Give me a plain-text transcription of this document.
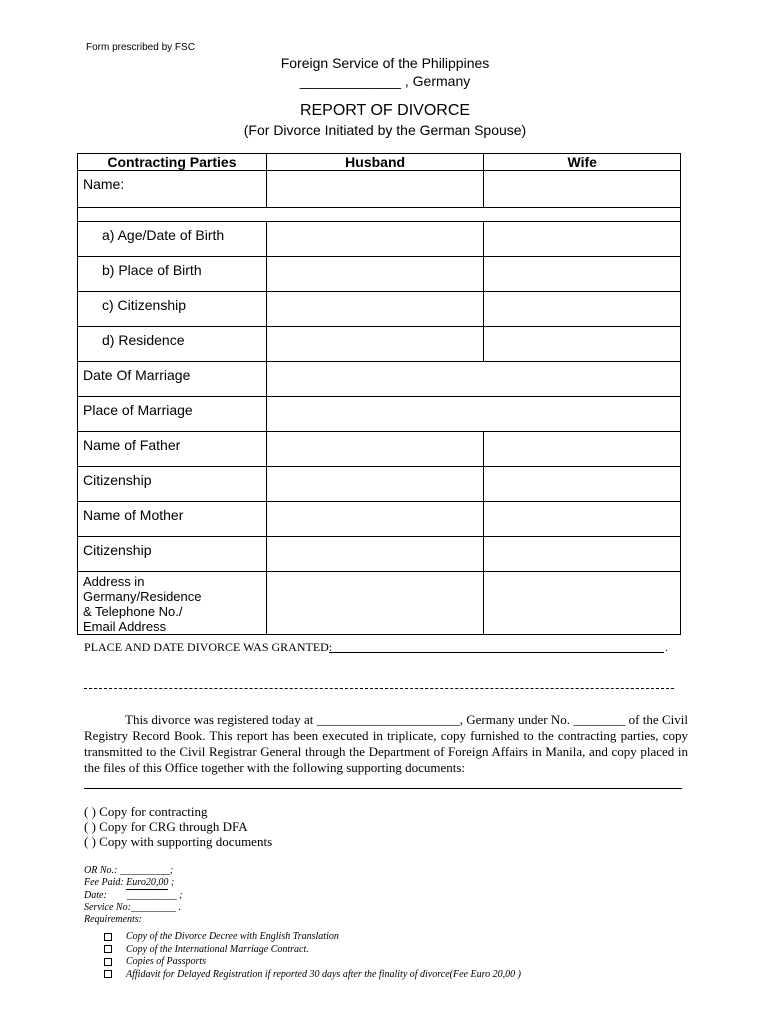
Form prescribed by FSC
Foreign Service of the Philippines
_____________ , Germany
REPORT OF DIVORCE
(For Divorce Initiated by the German Spouse)
Contracting Parties	Husband	Wife
Name:		

a) Age/Date of Birth		
b) Place of Birth		
c) Citizenship		
d) Residence		
Date Of Marriage		
Place of Marriage		
Name of Father		
Citizenship		
Name of Mother		
Citizenship		

Address in
Germany/Residence
& Telephone No./
Email Address		

PLACE AND DATE DIVORCE WAS GRANTED:	.

This divorce was registered today at ______________________, Germany under No. ________ of the Civil Registry Record Book. This report has been executed in triplicate, copy furnished to the contracting parties, copy transmitted to the Civil Registrar General through the Department of Foreign Affairs in Manila, and copy placed in the files of this Office together with the following supporting documents:

( ) Copy for contracting
( ) Copy for CRG through DFA
( ) Copy with supporting documents
OR No.: __________;
Fee Paid: Euro20,00 ;
Date: __________ ;
Service No:_________ .
Requirements:
Copy of the Divorce Decree with English Translation
Copy of the International Marriage Contract.
Copies of Passports
Affidavit for Delayed Registration if reported 30 days after the finality of divorce(Fee Euro 20,00 )
